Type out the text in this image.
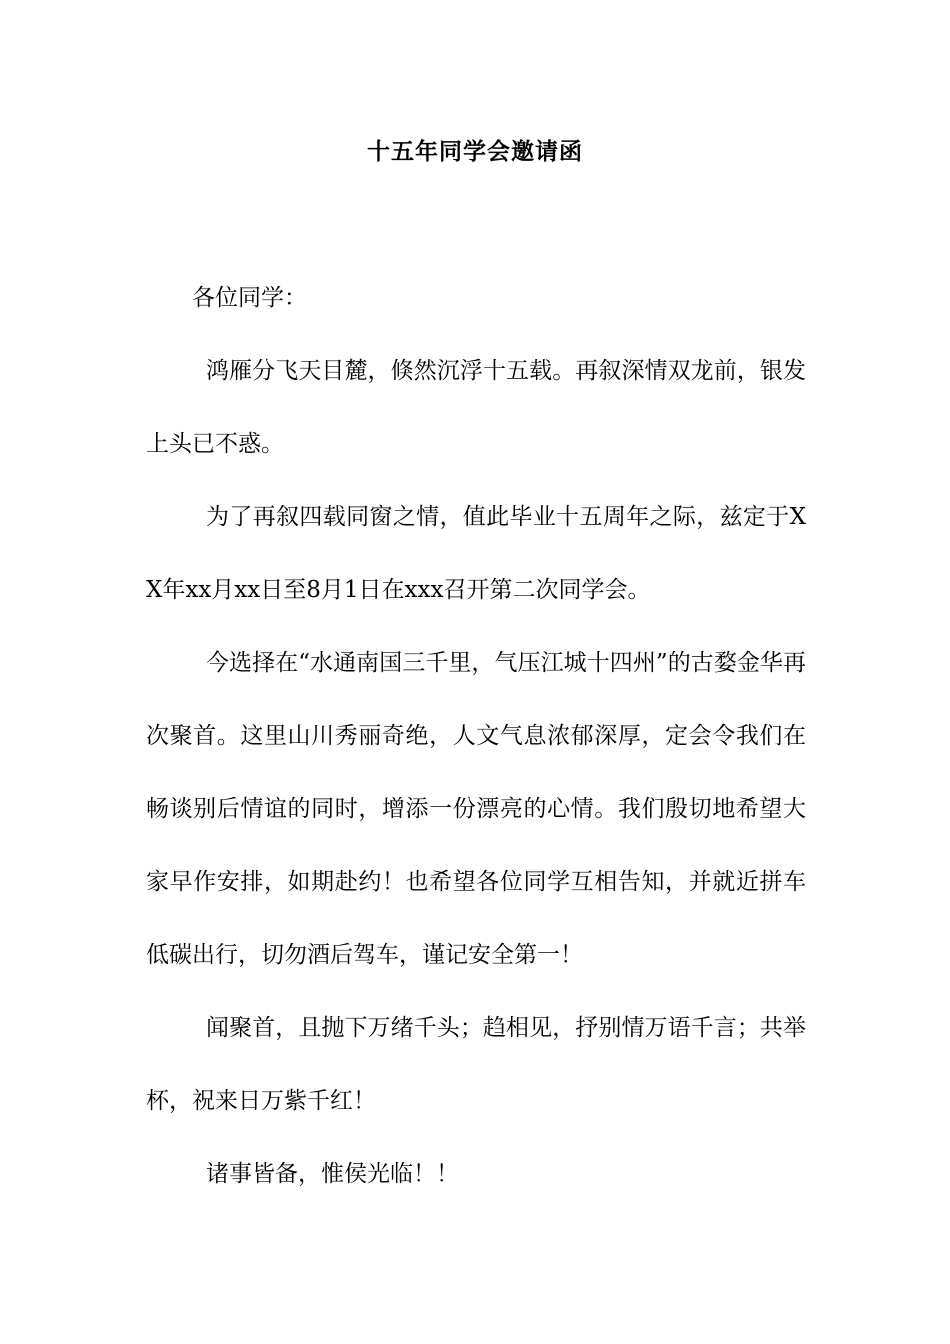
十五年同学会邀请函

各位同学：

鸿雁分飞天目麓，倏然沉浮十五载。再叙深情双龙前，银发上头已不惑。

为了再叙四载同窗之情，值此毕业十五周年之际，兹定于XX年xx月xx日至8月1日在xxx召开第二次同学会。

今选择在“水通南国三千里，气压江城十四州”的古婺金华再次聚首。这里山川秀丽奇绝，人文气息浓郁深厚，定会令我们在畅谈别后情谊的同时，增添一份漂亮的心情。我们殷切地希望大家早作安排，如期赴约！也希望各位同学互相告知，并就近拼车低碳出行，切勿酒后驾车，谨记安全第一！

闻聚首，且抛下万绪千头；趋相见，抒别情万语千言；共举杯，祝来日万紫千红！

诸事皆备，惟侯光临！！
